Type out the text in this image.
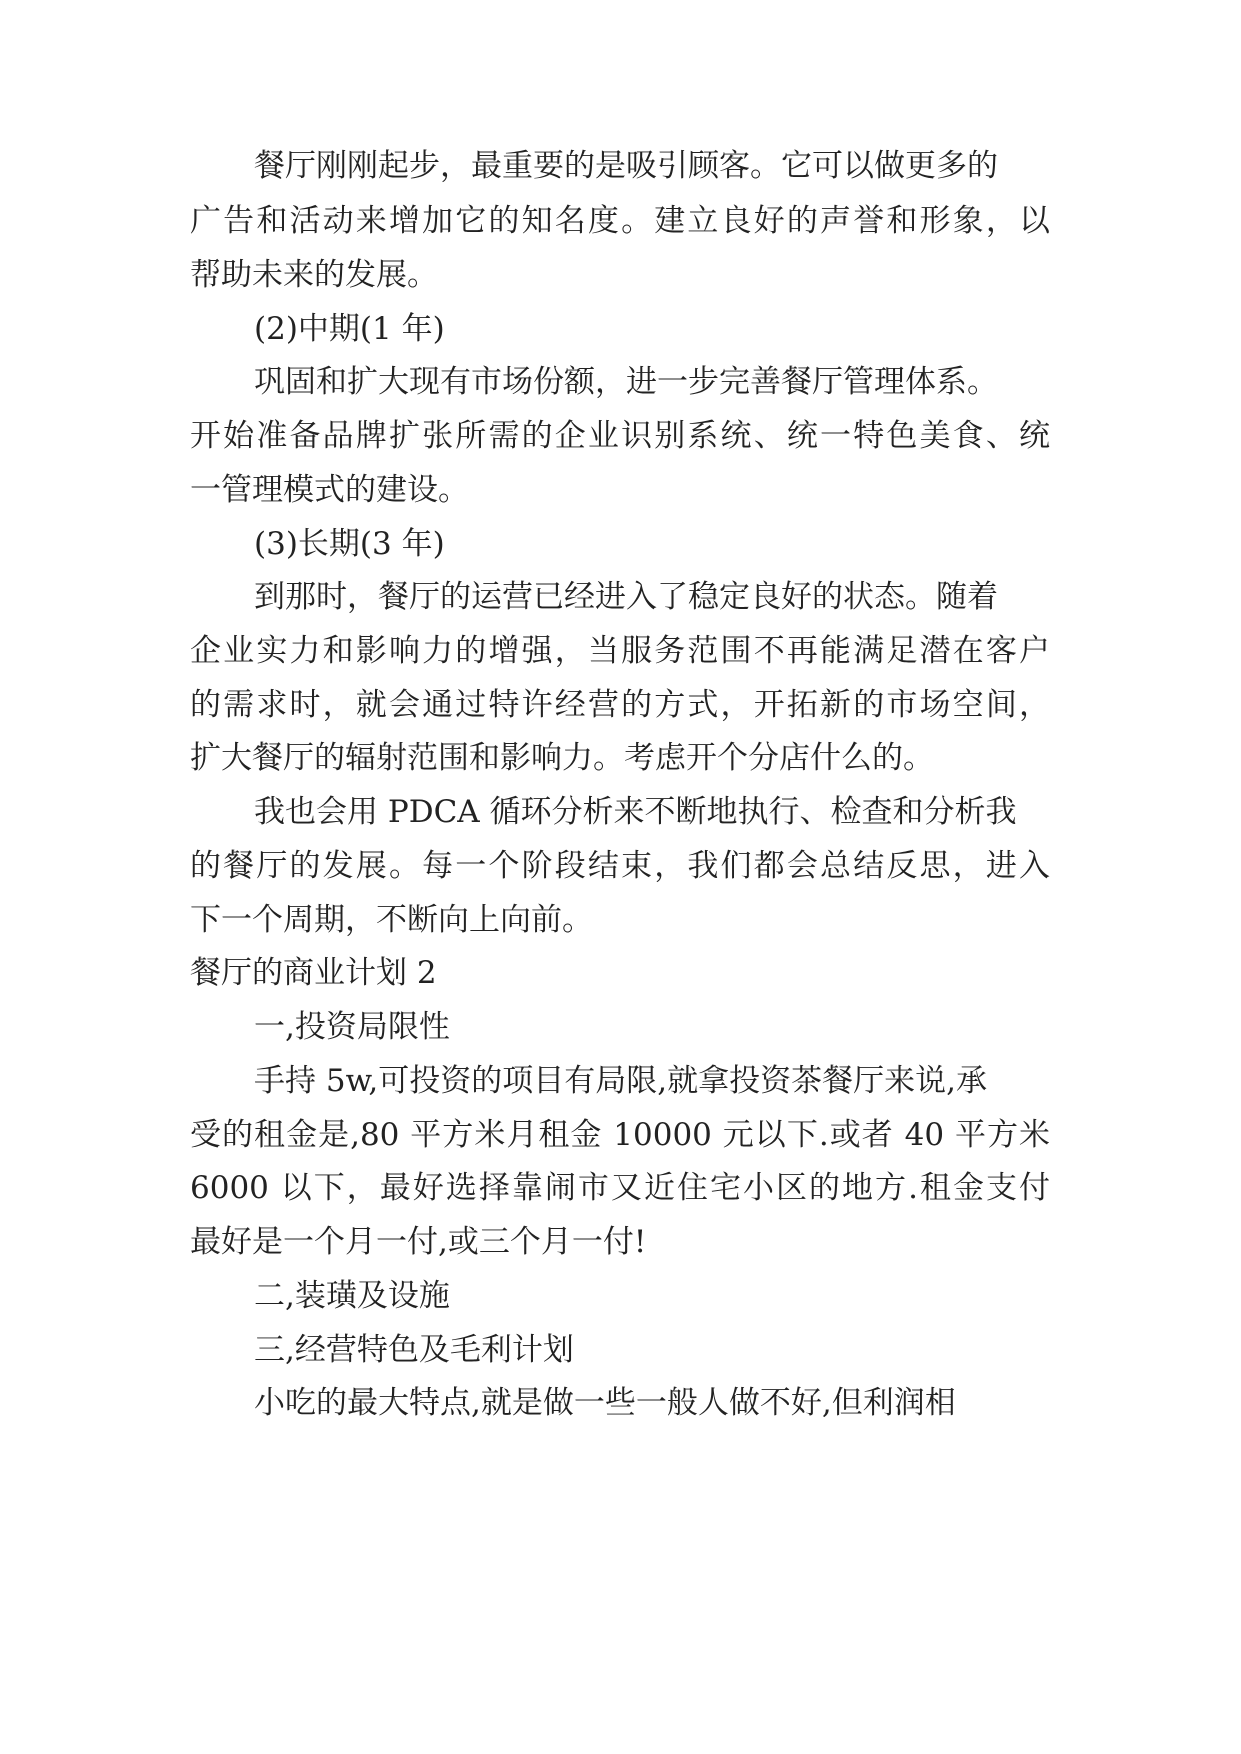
餐厅刚刚起步，最重要的是吸引顾客。它可以做更多的
广告和活动来增加它的知名度。建立良好的声誉和形象，以
帮助未来的发展。
(2)中期(1 年)
巩固和扩大现有市场份额，进一步完善餐厅管理体系。
开始准备品牌扩张所需的企业识别系统、统一特色美食、统
一管理模式的建设。
(3)长期(3 年)
到那时，餐厅的运营已经进入了稳定良好的状态。随着
企业实力和影响力的增强，当服务范围不再能满足潜在客户
的需求时，就会通过特许经营的方式，开拓新的市场空间，
扩大餐厅的辐射范围和影响力。考虑开个分店什么的。
我也会用 PDCA 循环分析来不断地执行、检查和分析我
的餐厅的发展。每一个阶段结束，我们都会总结反思，进入
下一个周期，不断向上向前。
餐厅的商业计划 2
一,投资局限性
手持 5w,可投资的项目有局限,就拿投资茶餐厅来说,承
受的租金是,80 平方米月租金 10000 元以下.或者 40 平方米
6000 以下，最好选择靠闹市又近住宅小区的地方.租金支付
最好是一个月一付,或三个月一付!
二,装璜及设施
三,经营特色及毛利计划
小吃的最大特点,就是做一些一般人做不好,但利润相
